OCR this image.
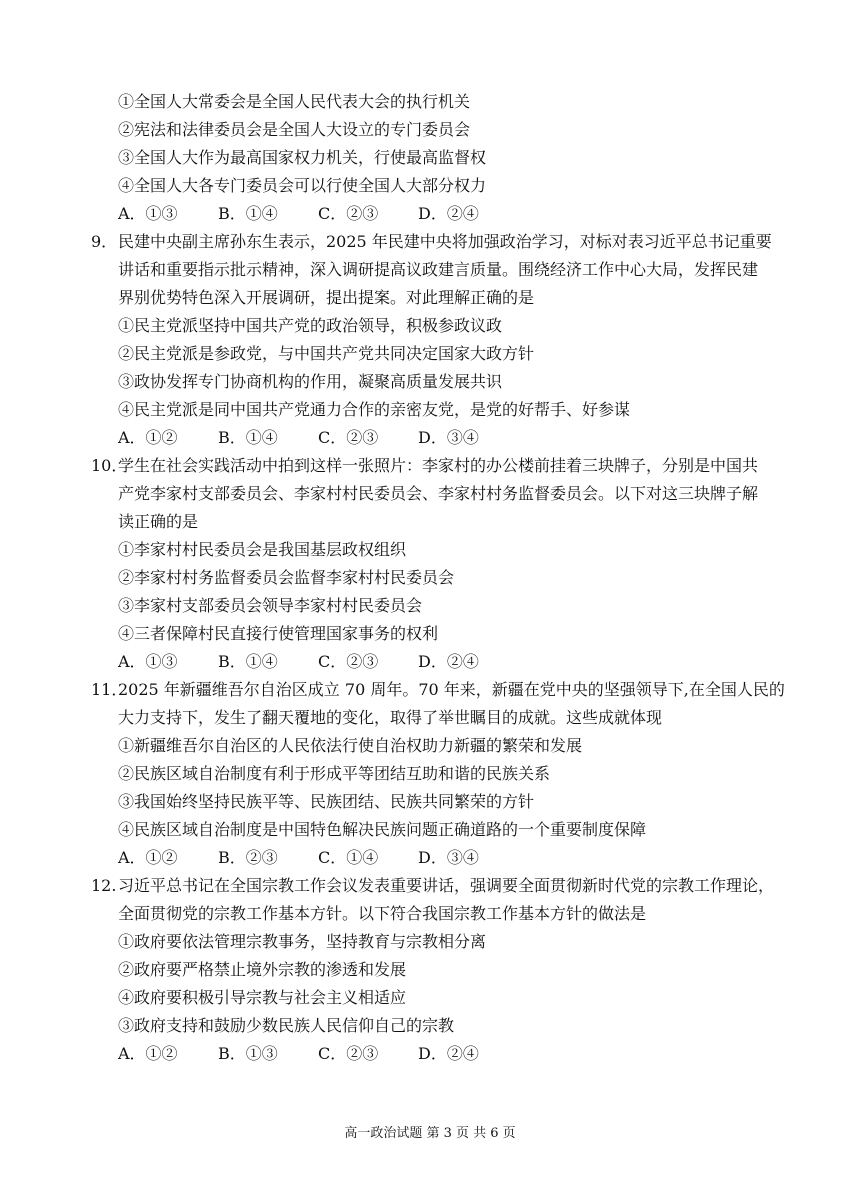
①全国人大常委会是全国人民代表大会的执行机关
②宪法和法律委员会是全国人大设立的专门委员会
③全国人大作为最高国家权力机关，行使最高监督权
④全国人大各专门委员会可以行使全国人大部分权力
A．①③	B．①④	C．②③ D．②④
9． 民建中央副主席孙东生表示，2025 年民建中央将加强政治学习，对标对表习近平总书记重要
讲话和重要指示批示精神，深入调研提高议政建言质量。围绕经济工作中心大局，发挥民建
界别优势特色深入开展调研，提出提案。对此理解正确的是
①民主党派坚持中国共产党的政治领导，积极参政议政
②民主党派是参政党，与中国共产党共同决定国家大政方针
③政协发挥专门协商机构的作用，凝聚高质量发展共识
④民主党派是同中国共产党通力合作的亲密友党，是党的好帮手、好参谋
A．①②	B．①④	C．②③ D．③④
10．
学生在社会实践活动中拍到这样一张照片：李家村的办公楼前挂着三块牌子，分别是中国共
产党李家村支部委员会、李家村村民委员会、李家村村务监督委员会。以下对这三块牌子解
读正确的是
①李家村村民委员会是我国基层政权组织
②李家村村务监督委员会监督李家村村民委员会
③李家村支部委员会领导李家村村民委员会
④三者保障村民直接行使管理国家事务的权利
A．①③	B．①④	C．②③ D．②④
11．
2025 年新疆维吾尔自治区成立 70 周年。70 年来，新疆在党中央的坚强领导下,在全国人民的
大力支持下，发生了翻天覆地的变化，取得了举世瞩目的成就。这些成就体现
①新疆维吾尔自治区的人民依法行使自治权助力新疆的繁荣和发展
②民族区域自治制度有利于形成平等团结互助和谐的民族关系
③我国始终坚持民族平等、民族团结、民族共同繁荣的方针
④民族区域自治制度是中国特色解决民族问题正确道路的一个重要制度保障
A．①②	B．②③	C．①④ D．③④
12. 习近平总书记在全国宗教工作会议发表重要讲话，强调要全面贯彻新时代党的宗教工作理论，
全面贯彻党的宗教工作基本方针。以下符合我国宗教工作基本方针的做法是
①政府要依法管理宗教事务，坚持教育与宗教相分离
②政府要严格禁止境外宗教的渗透和发展
④政府要积极引导宗教与社会主义相适应
③政府支持和鼓励少数民族人民信仰自己的宗教
A．①②	B．①③	C．②③ D．②④
高一政治试题 第 3 页 共 6 页
